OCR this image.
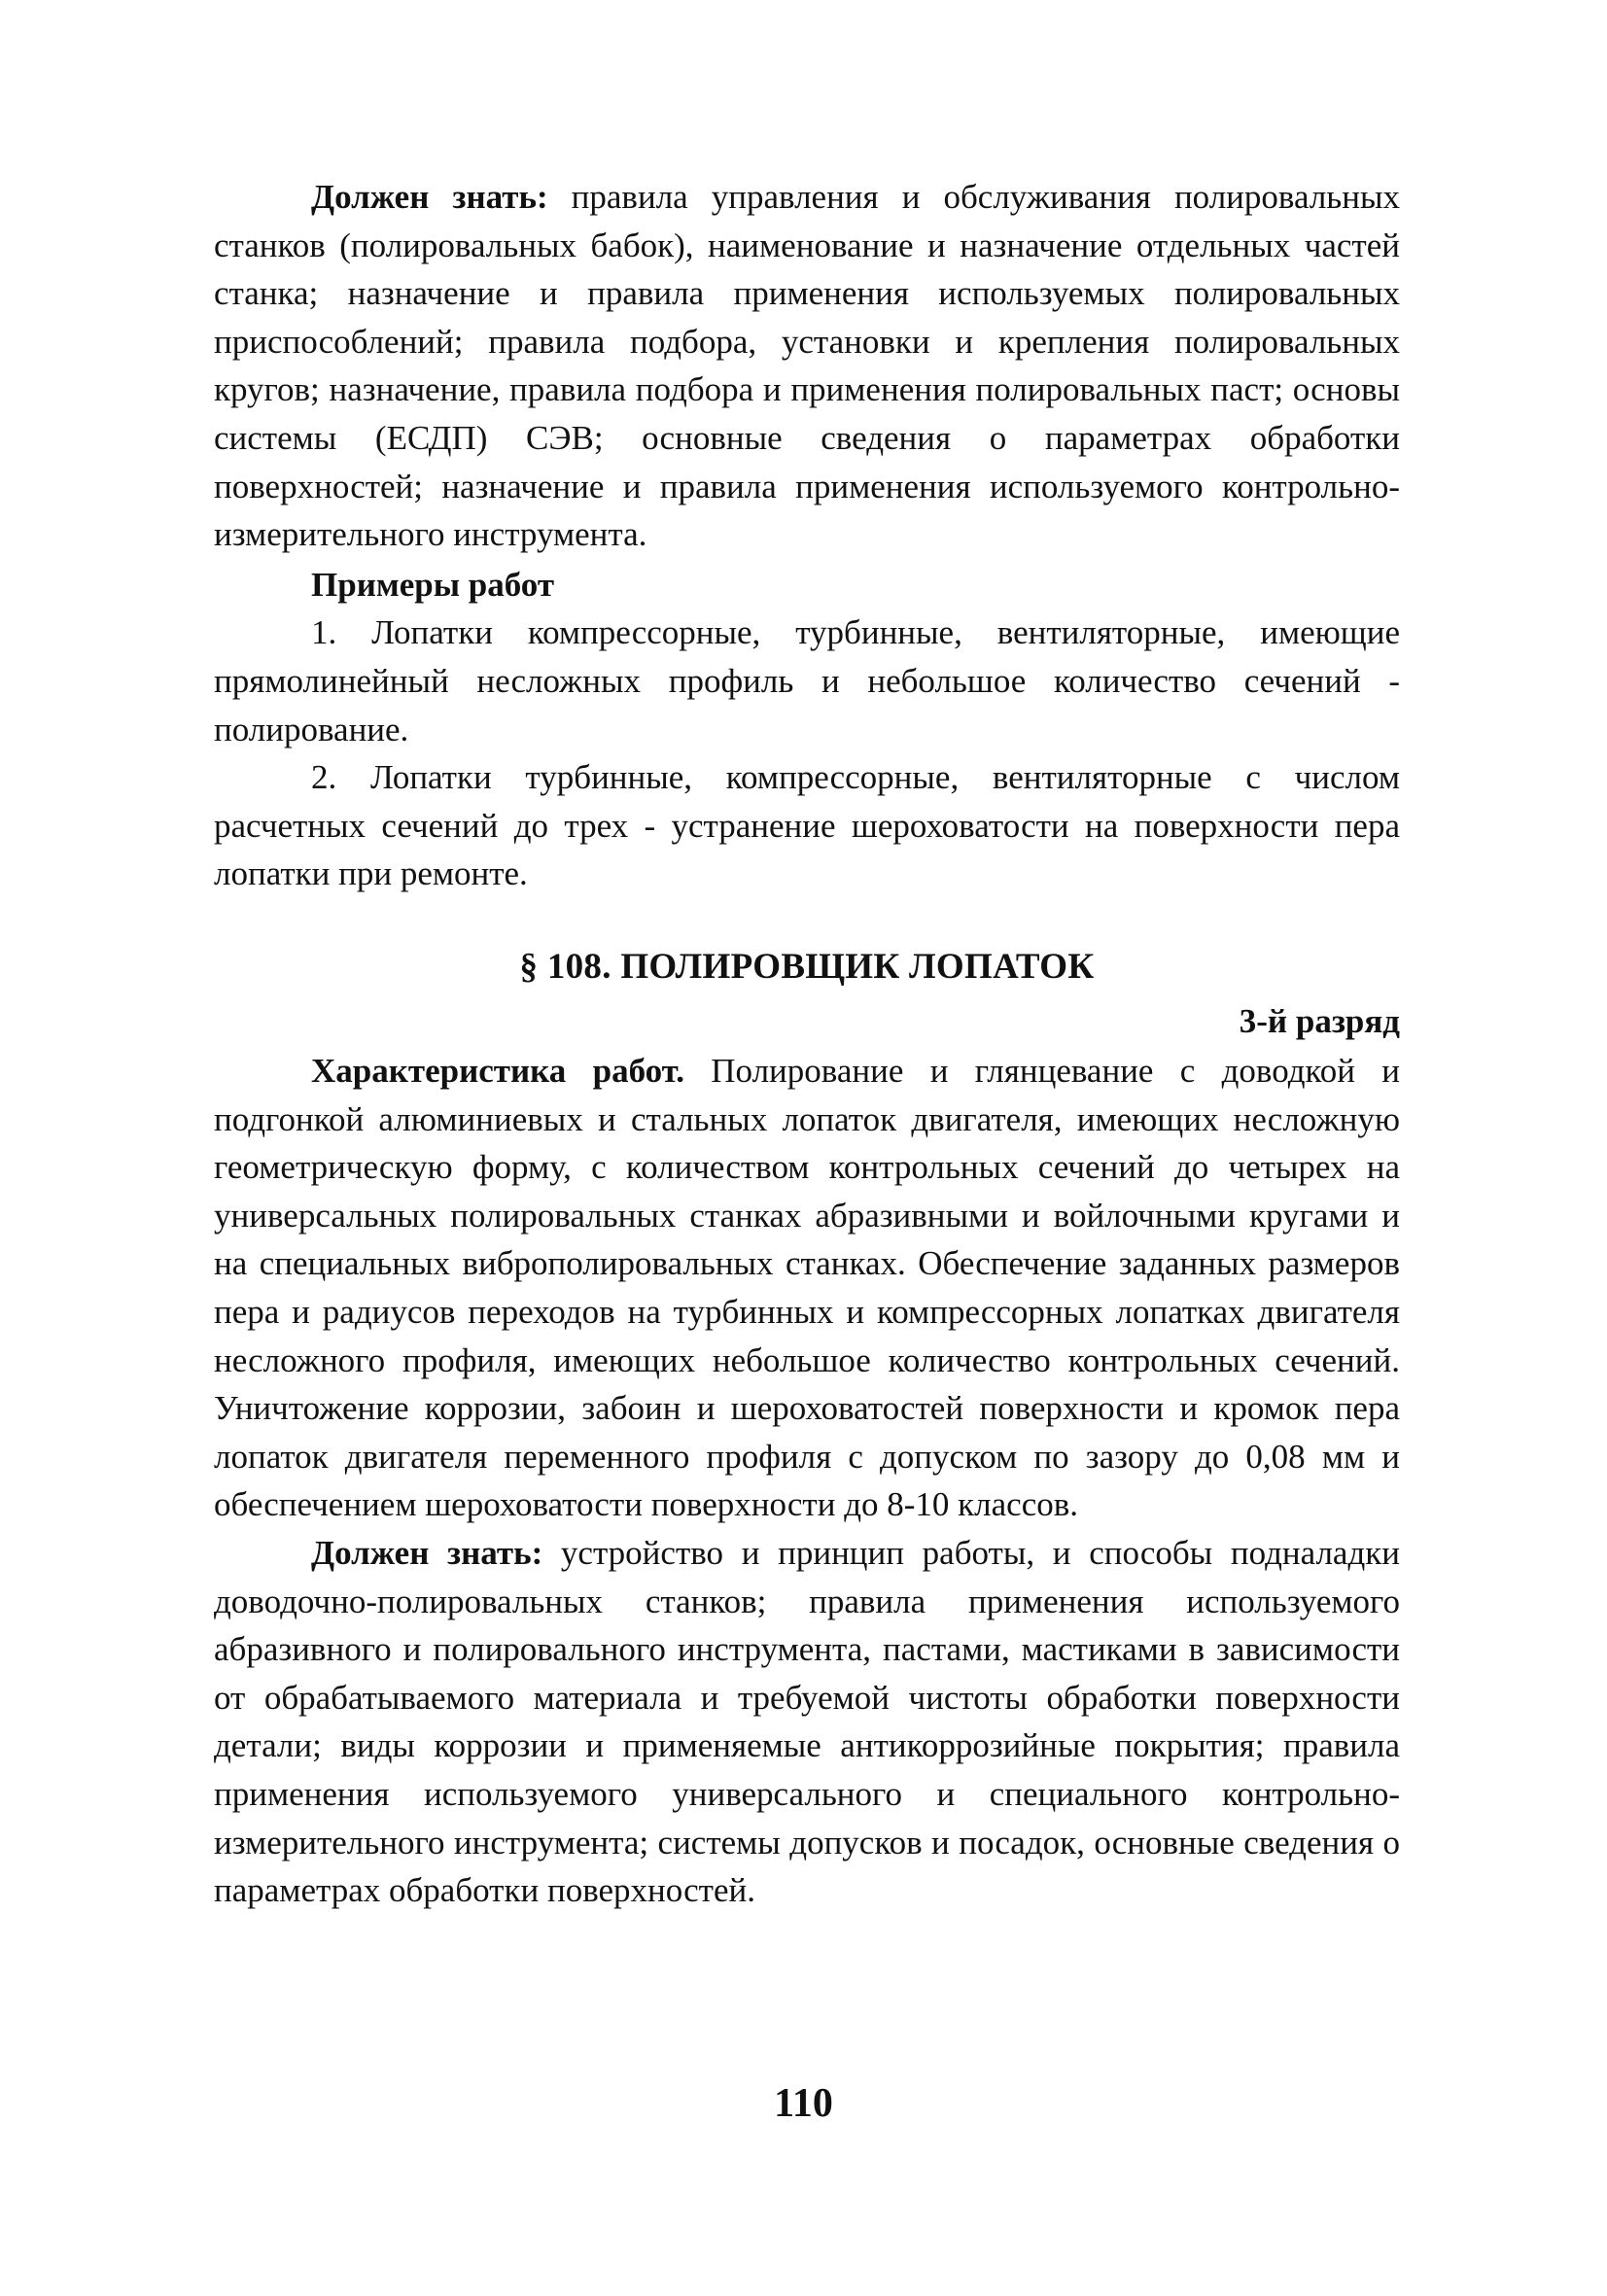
Должен знать: правила управления и обслуживания полировальных станков (полировальных бабок), наименование и назначение отдельных частей станка; назначение и правила применения используемых полировальных приспособлений; правила подбора, установки и крепления полировальных кругов; назначение, правила подбора и применения полировальных паст; основы системы (ЕСДП) СЭВ; основные сведения о параметрах обработки поверхностей; назначение и правила применения используемого контрольно-измерительного инструмента.

Примеры работ

1. Лопатки компрессорные, турбинные, вентиляторные, имеющие прямолинейный несложных профиль и небольшое количество сечений - полирование.

2. Лопатки турбинные, компрессорные, вентиляторные с числом расчетных сечений до трех - устранение шероховатости на поверхности пера лопатки при ремонте.

§ 108. ПОЛИРОВЩИК ЛОПАТОК

3-й разряд

Характеристика работ. Полирование и глянцевание с доводкой и подгонкой алюминиевых и стальных лопаток двигателя, имеющих несложную геометрическую форму, с количеством контрольных сечений до четырех на универсальных полировальных станках абразивными и войлочными кругами и на специальных виброполировальных станках. Обеспечение заданных размеров пера и радиусов переходов на турбинных и компрессорных лопатках двигателя несложного профиля, имеющих небольшое количество контрольных сечений. Уничтожение коррозии, забоин и шероховатостей поверхности и кромок пера лопаток двигателя переменного профиля с допуском по зазору до 0,08 мм и обеспечением шероховатости поверхности до 8-10 классов.

Должен знать: устройство и принцип работы, и способы подналадки доводочно-полировальных станков; правила применения используемого абразивного и полировального инструмента, пастами, мастиками в зависимости от обрабатываемого материала и требуемой чистоты обработки поверхности детали; виды коррозии и применяемые антикоррозийные покрытия; правила применения используемого универсального и специального контрольно-измерительного инструмента; системы допусков и посадок, основные сведения о параметрах обработки поверхностей.

110
